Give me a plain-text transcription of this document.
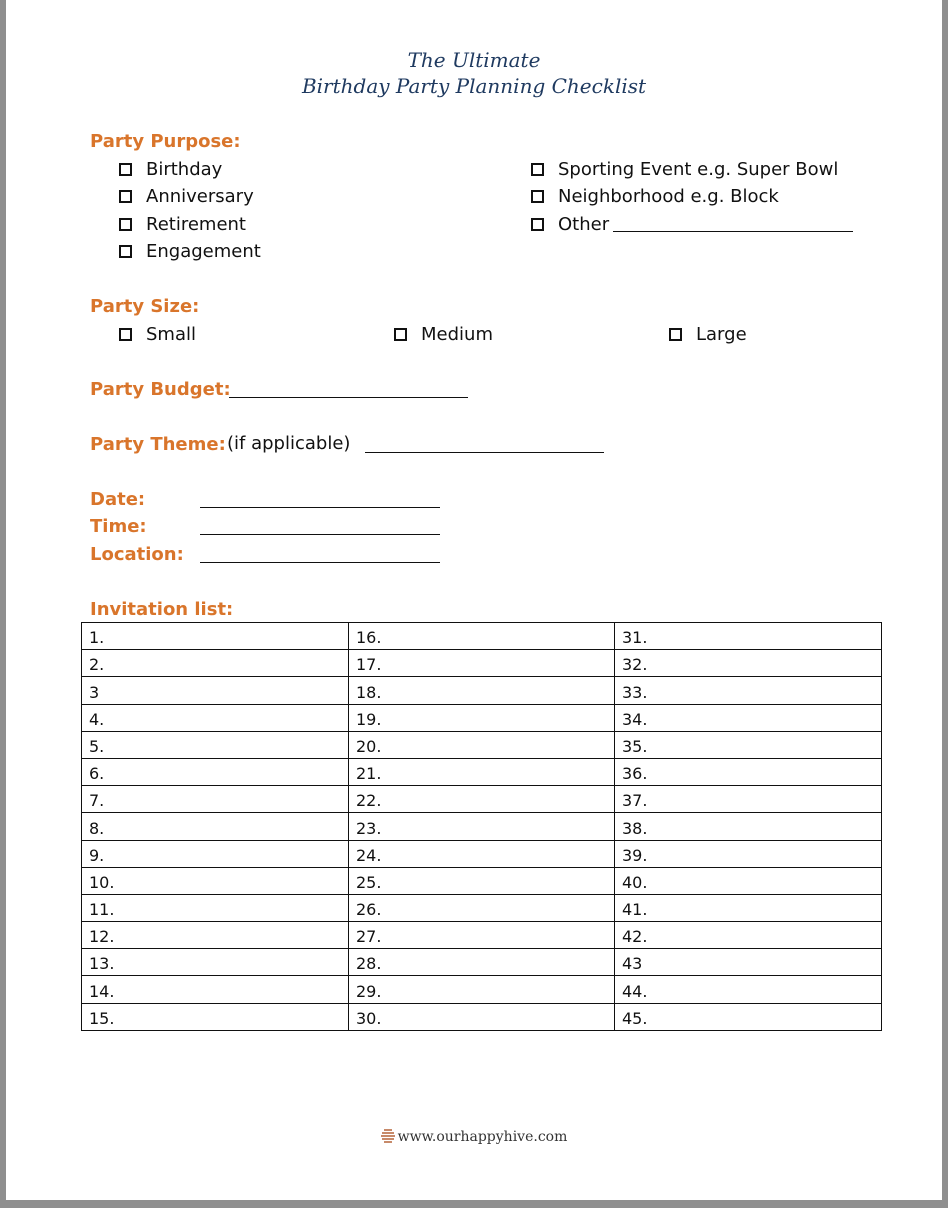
The Ultimate
Birthday Party Planning Checklist
Party Purpose:
Birthday
Anniversary
Retirement
Engagement
Sporting Event e.g. Super Bowl
Neighborhood e.g. Block
Other
Party Size:
Small	Medium	Large
Party Budget:
Party Theme: (if applicable)
Date:
Time:
Location:
Invitation list:
1.	16.	31.
2.	17.	32.
3	18.	33.
4.	19.	34.
5.	20.	35.
6.	21.	36.
7.	22.	37.
8.	23.	38.
9.	24.	39.
10.	25.	40.
11.	26.	41.
12.	27.	42.
13.	28.	43
14.	29.	44.
15.	30.	45.
www.ourhappyhive.com
